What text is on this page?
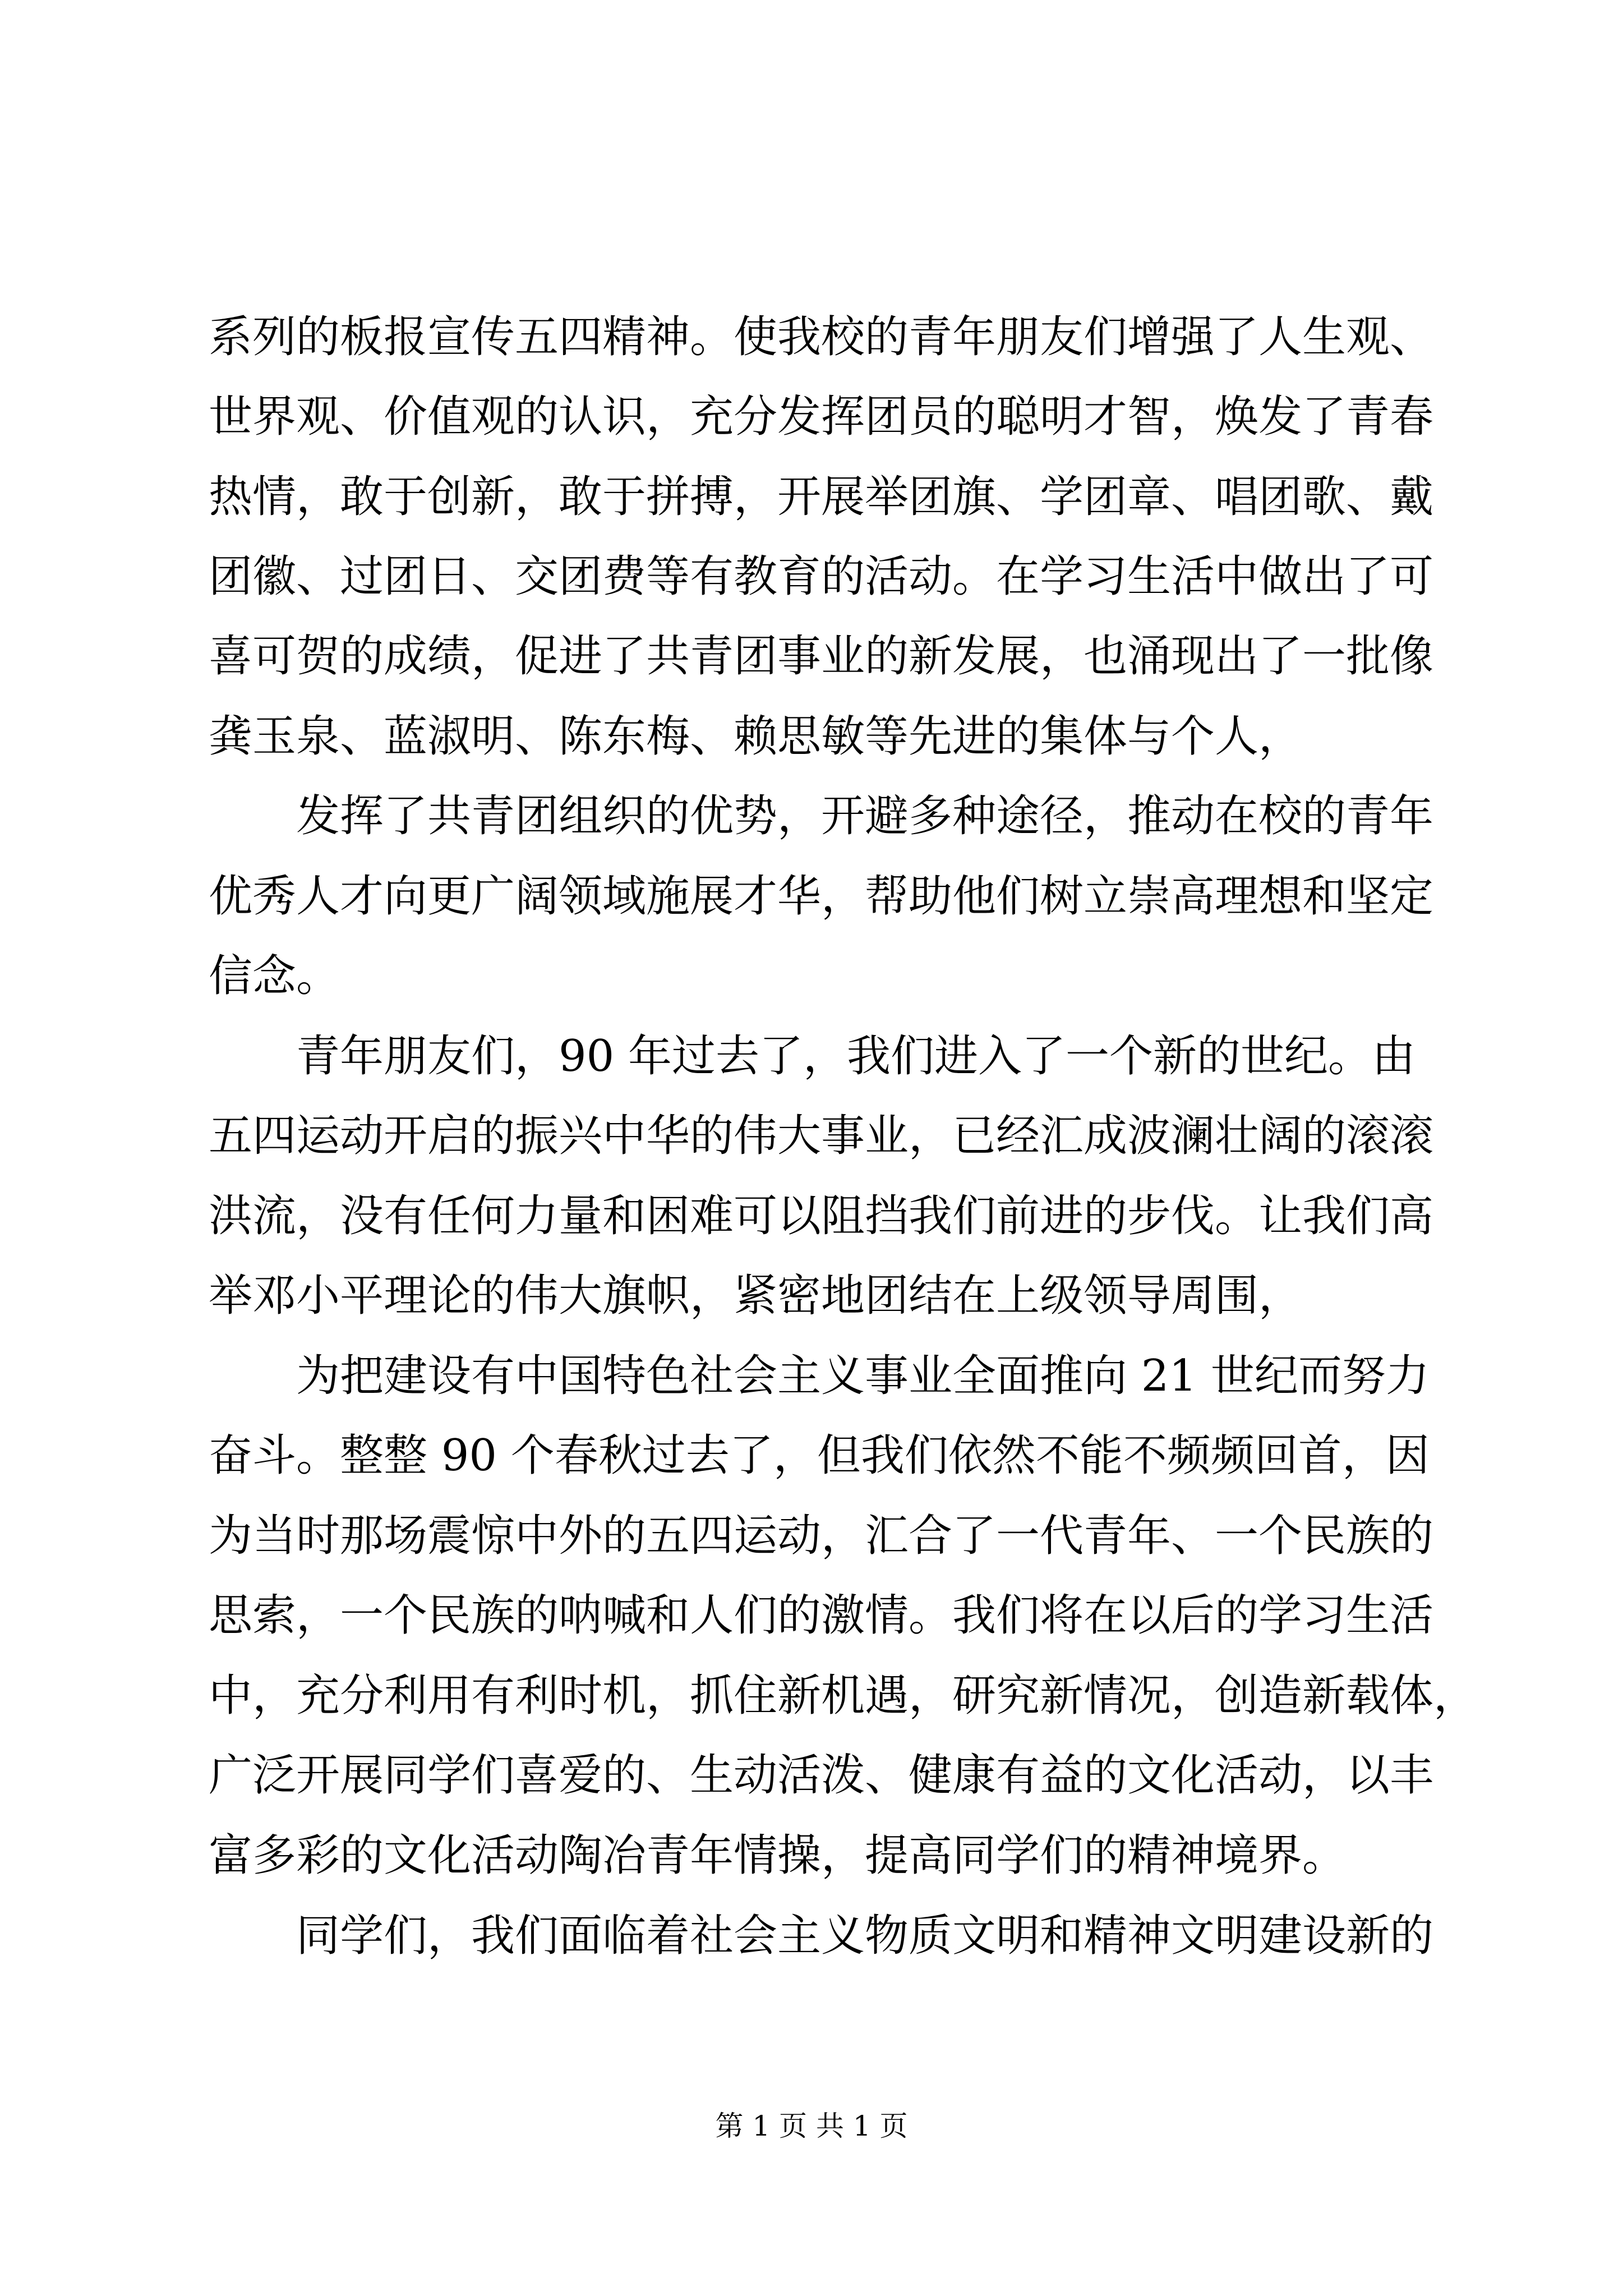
系列的板报宣传五四精神。使我校的青年朋友们增强了人生观、
世界观、价值观的认识，充分发挥团员的聪明才智，焕发了青春
热情，敢于创新，敢于拼搏，开展举团旗、学团章、唱团歌、戴
团徽、过团日、交团费等有教育的活动。在学习生活中做出了可
喜可贺的成绩，促进了共青团事业的新发展，也涌现出了一批像
龚玉泉、蓝淑明、陈东梅、赖思敏等先进的集体与个人，
发挥了共青团组织的优势，开避多种途径，推动在校的青年
优秀人才向更广阔领域施展才华，帮助他们树立崇高理想和坚定
信念。
青年朋友们，90 年过去了，我们进入了一个新的世纪。由
五四运动开启的振兴中华的伟大事业，已经汇成波澜壮阔的滚滚
洪流，没有任何力量和困难可以阻挡我们前进的步伐。让我们高
举邓小平理论的伟大旗帜，紧密地团结在上级领导周围，
为把建设有中国特色社会主义事业全面推向 21 世纪而努力
奋斗。整整 90 个春秋过去了，但我们依然不能不频频回首，因
为当时那场震惊中外的五四运动，汇合了一代青年、一个民族的
思索，一个民族的呐喊和人们的激情。我们将在以后的学习生活
中，充分利用有利时机，抓住新机遇，研究新情况，创造新载体，
广泛开展同学们喜爱的、生动活泼、健康有益的文化活动，以丰
富多彩的文化活动陶冶青年情操，提高同学们的精神境界。
同学们，我们面临着社会主义物质文明和精神文明建设新的
第 1 页 共 1 页
